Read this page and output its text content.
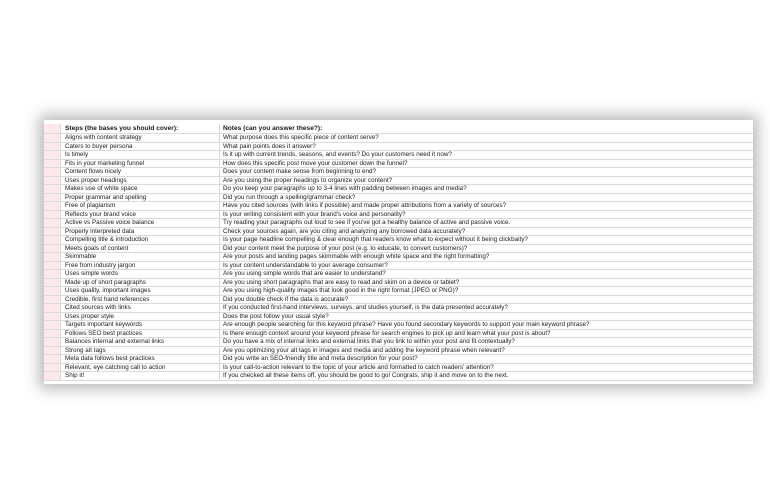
Steps (the bases you should cover):	Notes (can you answer these?):
Aligns with content strategy	What purpose does this specific piece of content serve?
Caters to buyer persona	What pain points does it answer?
Is timely	Is it up with current trends, seasons, and events? Do your customers need it now?
Fits in your marketing funnel	How does this specific post move your customer down the funnel?
Content flows nicely	Does your content make sense from beginning to end?
Uses proper headings	Are you using the proper headings to organize your content?
Makes use of white space	Do you keep your paragraphs up to 3-4 lines with padding between images and media?
Proper grammar and spelling	Did you run through a spelling/grammar check?
Free of plagiarism	Have you cited sources (with links if possible) and made proper attributions from a variety of sources?
Reflects your brand voice	Is your writing consistent with your brand's voice and personality?
Active vs Passive voice balance	Try reading your paragraphs out loud to see if you've got a healthy balance of active and passive voice.
Properly interpreted data	Check your sources again, are you citing and analyzing any borrowed data accurately?
Compelling title & introduction	Is your page headline compelling & clear enough that readers know what to expect without it being clickbaity?
Meets goals of content	Did your content meet the purpose of your post (e.g. to educate, to convert customers)?
Skimmable	Are your posts and landing pages skimmable with enough white space and the right formatting?
Free from industry jargon	Is your content understandable to your average consumer?
Uses simple words	Are you using simple words that are easier to understand?
Made up of short paragraphs	Are you using short paragraphs that are easy to read and skim on a device or tablet?
Uses quality, important images	Are you using high-quality images that look good in the right format (JPEG or PNG)?
Credible, first hand references	Did you double check if the data is accurate?
Cited sources with links	If you conducted first-hand interviews, surveys, and studies yourself, is the data presented accurately?
Uses proper style	Does the post follow your usual style?
Targets important keywords	Are enough people searching for this keyword phrase? Have you found secondary keywords to support your main keyword phrase?
Follows SEO best practices	Is there enough context around your keyword phrase for search engines to pick up and learn what your post is about?
Balances internal and external links	Do you have a mix of internal links and external links that you link to within your post and fit contextually?
Strong alt tags	Are you optimizing your alt tags in images and media and adding the keyword phrase when relevant?
Meta data follows best practices	Did you write an SEO-friendly title and meta description for your post?
Relevant, eye catching call to action	Is your call-to-action relevant to the topic of your article and formatted to catch readers' attention?
Ship it!	If you checked all these items off, you should be good to go! Congrats, ship it and move on to the next.
